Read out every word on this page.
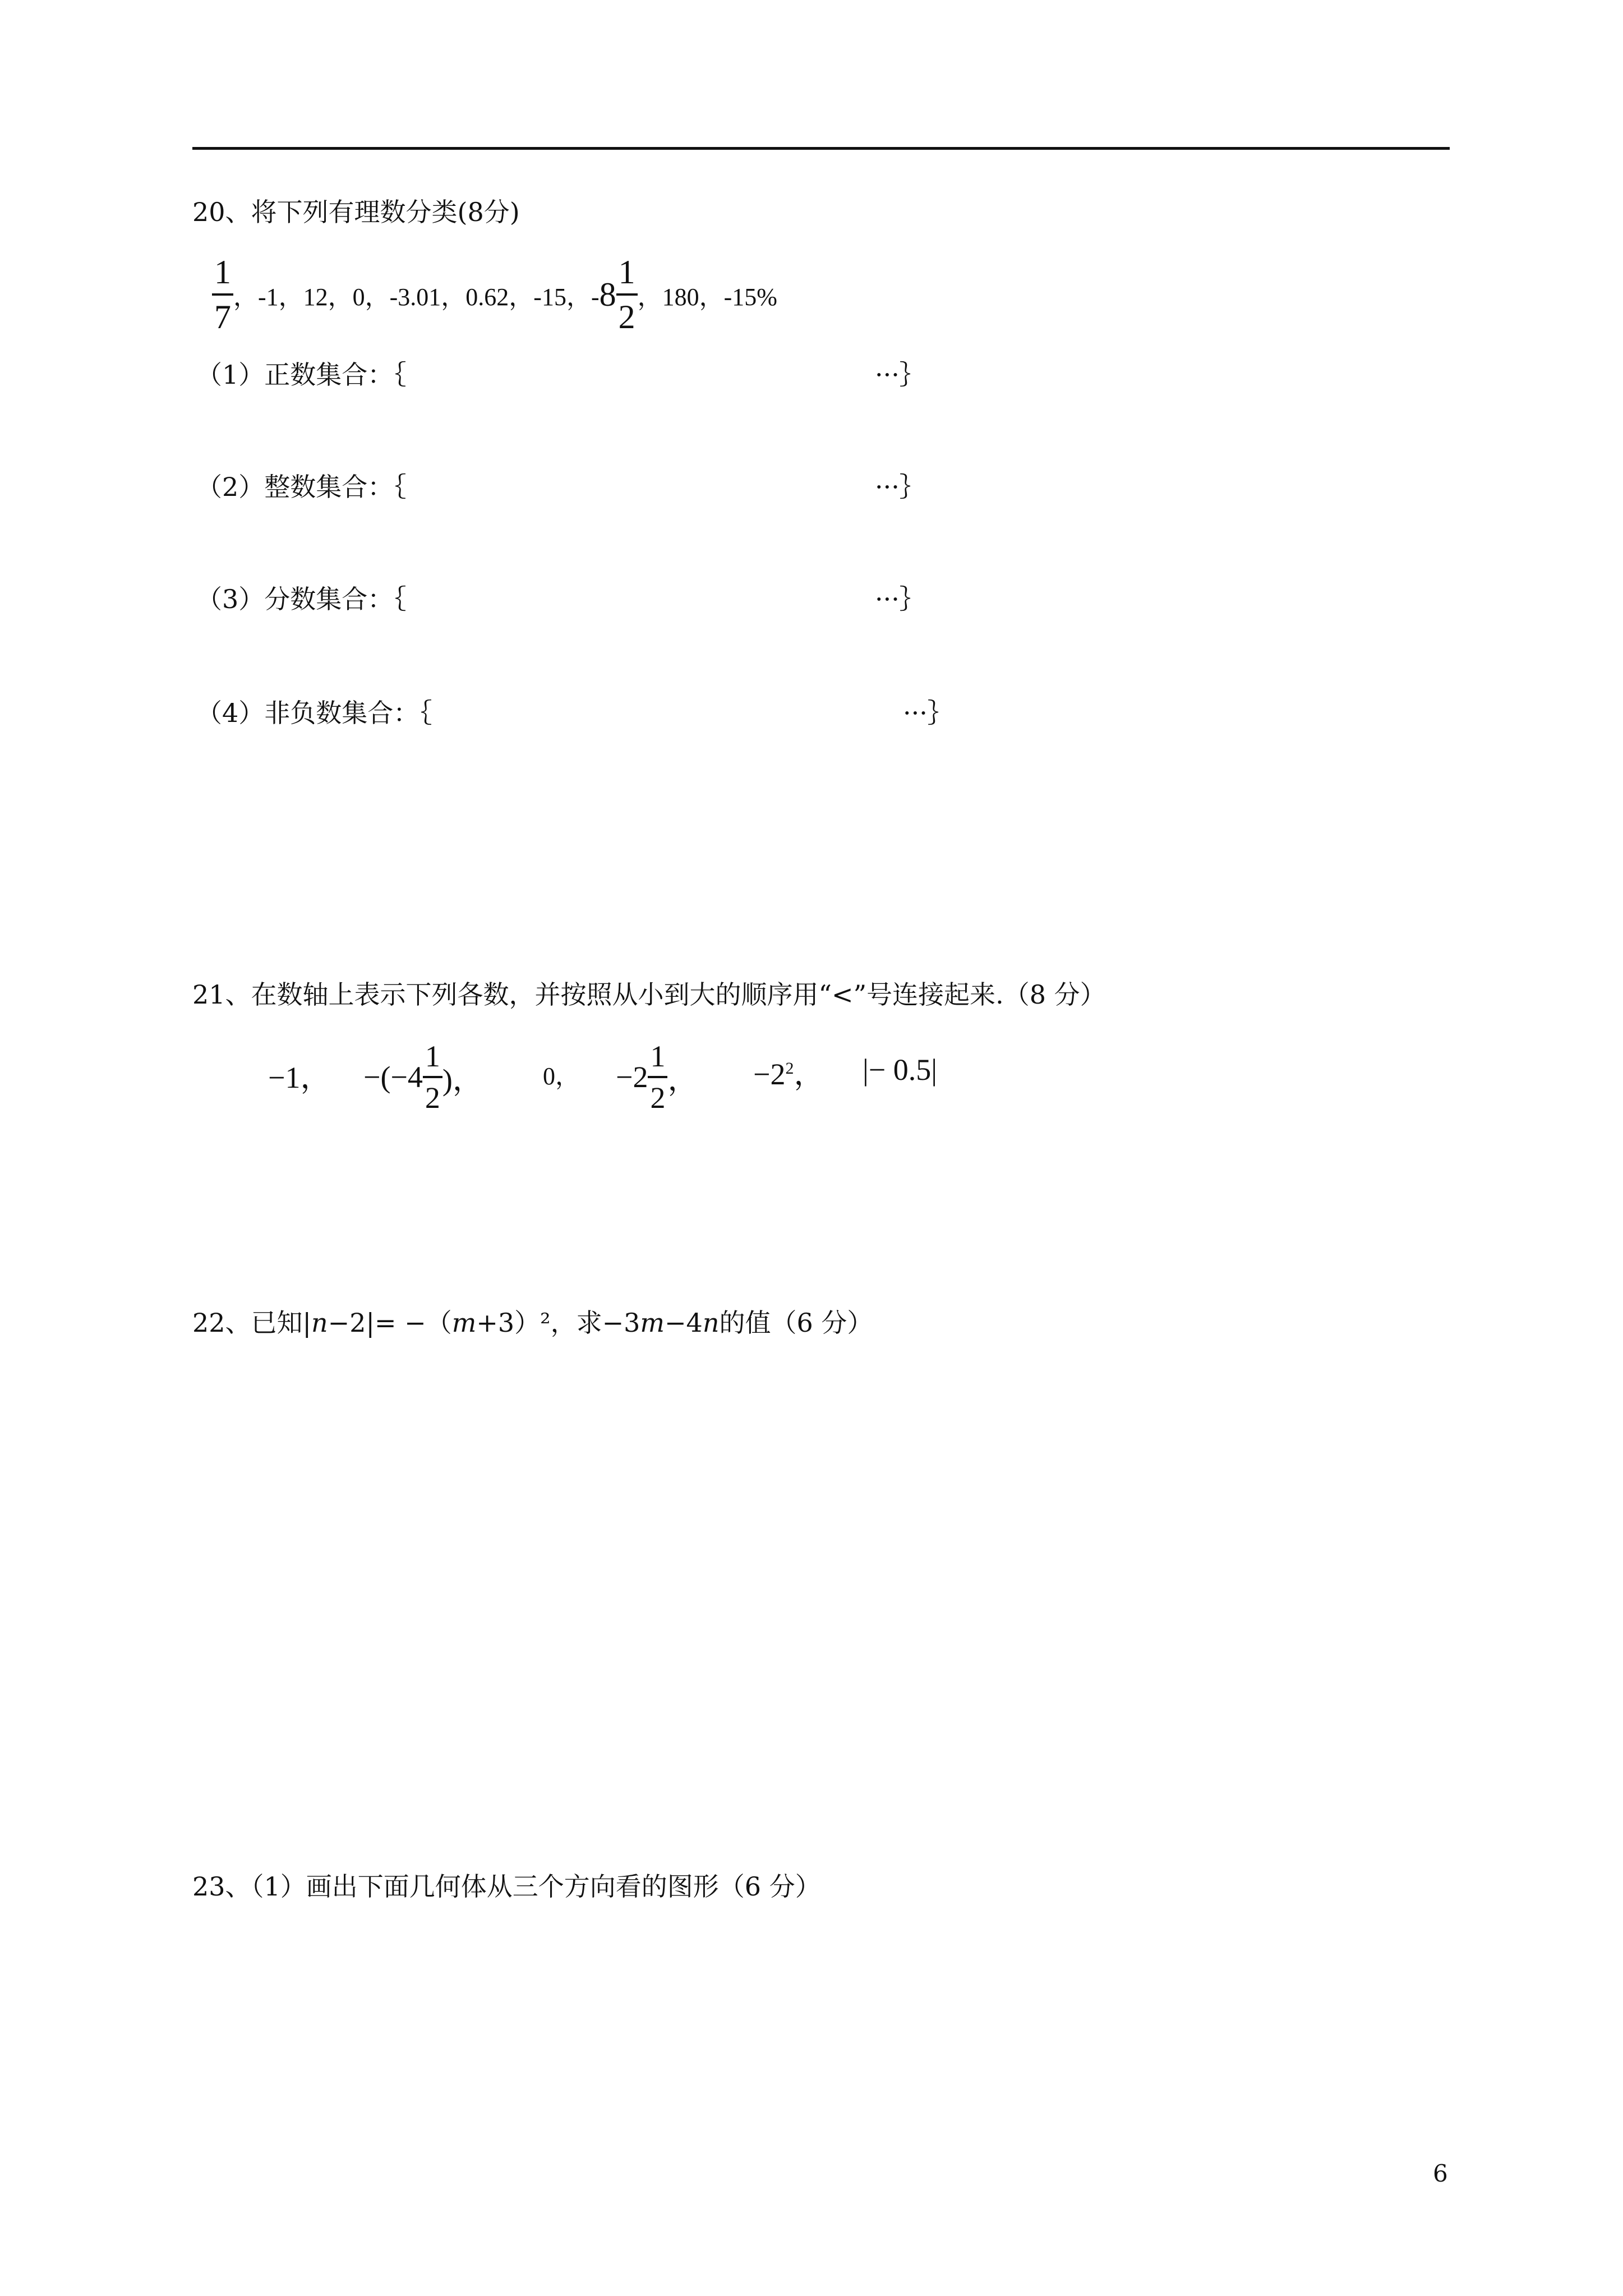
20、将下列有理数分类(8分)
$\frac{1}{7}$ ，-1，12，0，-3.01，0.62，-15，- $8 \frac{1}{2}$ ，180，-15%
（1）正数集合：｛	···｝
（2）整数集合：｛	···｝
（3）分数集合：｛	···｝
（4）非负数集合：｛	···｝
21、在数轴上表示下列各数，并按照从小到大的顺序用“<”号连接起来.（8 分）
−1， $-(-4 \frac{1}{2}$ )， 0， $-2 \frac{1}{2}$ ， $-2^2$， |− 0.5|
22、已知|n−2|= −（m+3）²，求−3m−4n的值（6 分）
23、（1）画出下面几何体从三个方向看的图形（6 分）
6
